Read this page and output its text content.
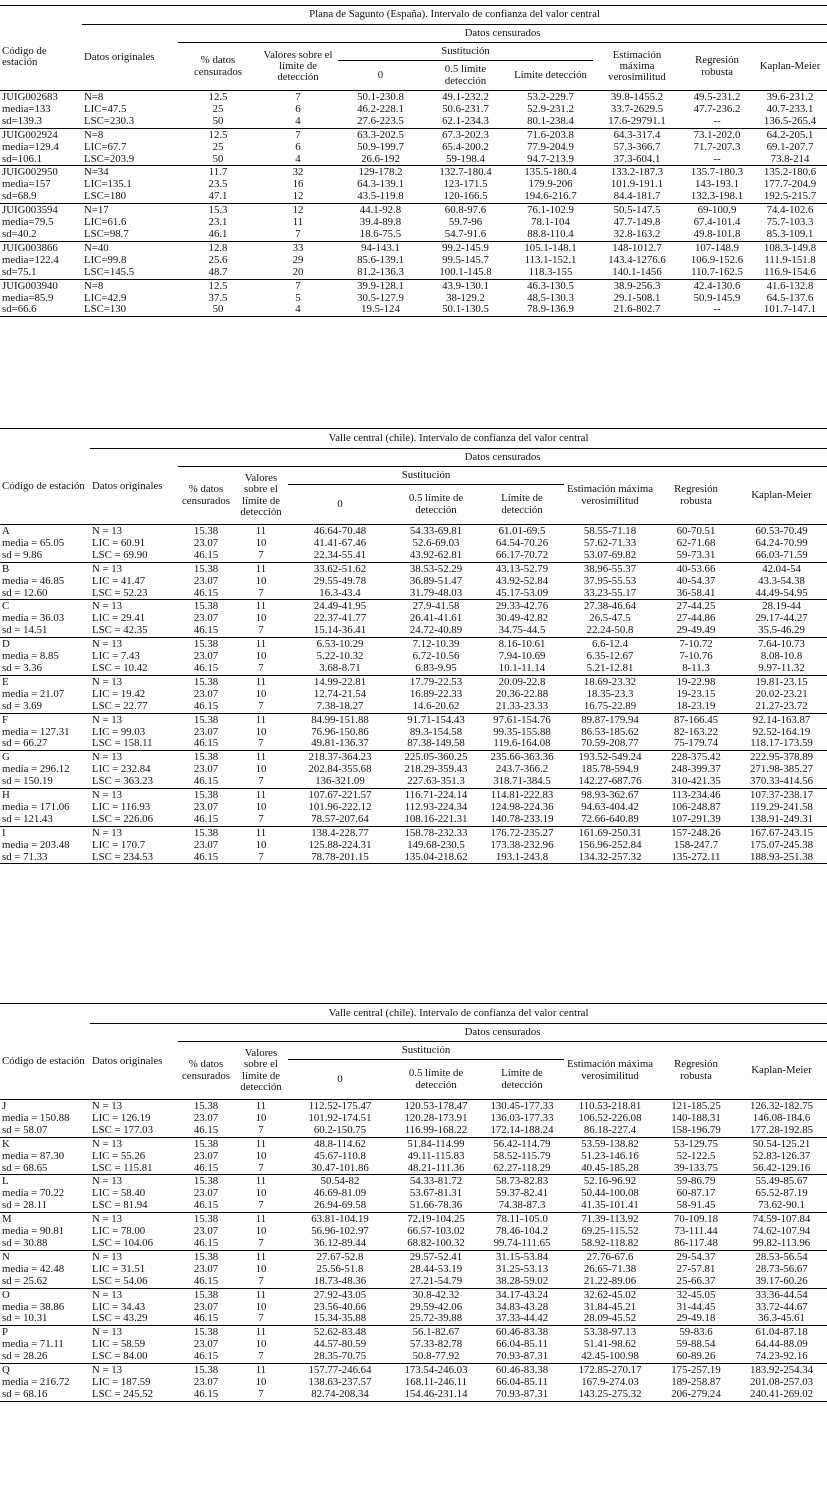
	Plana de Sagunto (España). Intervalo de confianza del valor central								
Código de estación	Datos originales	Datos censurados							
		% datos censurados	Valores sobre el límite de detección	Sustitución			Estimación máxima verosimilitud	Regresión robusta	Kaplan-Meier
				0	0.5 límite detección	Límite detección			
JUIG002683	N=8	12.5	7	50.1-230.8	49.1-232.2	53.2-229.7	39.8-1455.2	49.5-231.2	39.6-231.2
media=133	LIC=47.5	25	6	46.2-228.1	50.6-231.7	52.9-231.2	33.7-2629.5	47.7-236.2	40.7-233.1
sd=139.3	LSC=230.3	50	4	27.6-223.5	62.1-234.3	80.1-238.4	17.6-29791.1	--	136.5-265.4
JUIG002924	N=8	12.5	7	63.3-202.5	67.3-202.3	71.6-203.8	64.3-317.4	73.1-202.0	64.2-205.1
media=129.4	LIC=67.7	25	6	50.9-199.7	65.4-200.2	77.9-204.9	57.3-366.7	71.7-207.3	69.1-207.7
sd=106.1	LSC=203.9	50	4	26.6-192	59-198.4	94.7-213.9	37.3-604.1	--	73.8-214
JUIG002950	N=34	11.7	32	129-178.2	132.7-180.4	135.5-180.4	133.2-187.3	135.7-180.3	135.2-180.6
media=157	LIC=135.1	23.5	16	64.3-139.1	123-171.5	179.9-206	101.9-191.1	143-193.1	177.7-204.9
sd=68.9	LSC=180	47.1	12	43.5-119.8	120-166.5	194.6-216.7	84.4-181.7	132.3-198.1	192.5-215.7
JUIG003594	N=17	15.3	12	44.1-92.8	60.8-97.6	76.1-102.9	50.5-147.5	69-100.9	74.4-102.6
media=79.5	LIC=61.6	23.1	11	39.4-89.8	59.7-96	78.1-104	47.7-149.8	67.4-101.4	75.7-103.3
sd=40.2	LSC=98.7	46.1	7	18.6-75.5	54.7-91.6	88.8-110.4	32.8-163.2	49.8-101.8	85.3-109.1
JUIG003866	N=40	12.8	33	94-143.1	99.2-145.9	105.1-148.1	148-1012.7	107-148.9	108.3-149.8
media=122.4	LIC=99.8	25.6	29	85.6-139.1	99.5-145.7	113.1-152.1	143.4-1276.6	106.9-152.6	111.9-151.8
sd=75.1	LSC=145.5	48.7	20	81.2-136.3	100.1-145.8	118.3-155	140.1-1456	110.7-162.5	116.9-154.6
JUIG003940	N=8	12.5	7	39.9-128.1	43.9-130.1	46.3-130.5	38.9-256.3	42.4-130.6	41.6-132.8
media=85.9	LIC=42.9	37.5	5	30.5-127.9	38-129.2	48.5-130.3	29.1-508.1	50.9-145.9	64.5-137.6
sd=66.6	LSC=130	50	4	19.5-124	50.1-130.5	78.9-136.9	21.6-802.7	--	101.7-147.1
	Valle central (chile). Intervalo de confianza del valor central								
Código de estación	Datos originales	Datos censurados							
		% datos censurados	Valores sobre el límite de detección	Sustitución			Estimación máxima verosimilitud	Regresión robusta	Kaplan-Meier
				0	0.5 límite de detección	Límite de detección			
A	N = 13	15.38	11	46.64-70.48	54.33-69.81	61.01-69.5	58.55-71.18	60-70.51	60.53-70.49
media = 65.05	LIC = 60.91	23.07	10	41.41-67.46	52.6-69.03	64.54-70.26	57.62-71.33	62-71.68	64.24-70.99
sd = 9.86	LSC = 69.90	46.15	7	22.34-55.41	43.92-62.81	66.17-70.72	53.07-69.82	59-73.31	66.03-71.59
B	N = 13	15.38	11	33.62-51.62	38.53-52.29	43.13-52.79	38.96-55.37	40-53.66	42.04-54
media = 46.85	LIC = 41.47	23.07	10	29.55-49.78	36.89-51.47	43.92-52.84	37.95-55.53	40-54.37	43.3-54.38
sd = 12.60	LSC = 52.23	46.15	7	16.3-43.4	31.79-48.03	45.17-53.09	33.23-55.17	36-58.41	44.49-54.95
C	N = 13	15.38	11	24.49-41.95	27.9-41.58	29.33-42.76	27.38-46.64	27-44.25	28.19-44
media = 36.03	LIC = 29.41	23.07	10	22.37-41.77	26.41-41.61	30.49-42.82	26.5-47.5	27-44.86	29.17-44.27
sd = 14.51	LSC = 42.35	46.15	7	15.14-36.41	24.72-40.89	34.75-44.5	22.24-50.8	29-49.49	35.5-46.29
D	N = 13	15.38	11	6.53-10.29	7.12-10.39	8.16-10.61	6.6-12.4	7-10.72	7.64-10.73
media = 8.85	LIC = 7.43	23.07	10	5.22-10.32	6.72-10.56	7.94-10.69	6.35-12.67	7-10.76	8.08-10.8
sd = 3.36	LSC = 10.42	46.15	7	3.68-8.71	6.83-9.95	10.1-11.14	5.21-12.81	8-11.3	9.97-11.32
E	N = 13	15.38	11	14.99-22.81	17.79-22.53	20.09-22.8	18.69-23.32	19-22.98	19.81-23.15
media = 21.07	LIC = 19.42	23.07	10	12.74-21.54	16.89-22.33	20.36-22.88	18.35-23.3	19-23.15	20.02-23.21
sd = 3.69	LSC = 22.77	46.15	7	7.38-18.27	14.6-20.62	21.33-23.33	16.75-22.89	18-23.19	21.27-23.72
F	N = 13	15.38	11	84.99-151.88	91.71-154.43	97.61-154.76	89.87-179.94	87-166.45	92.14-163.87
media = 127.31	LIC = 99.03	23.07	10	76.96-150.86	89.3-154.58	99.35-155.88	86.53-185.62	82-163.22	92.52-164.19
sd = 66.27	LSC = 158.11	46.15	7	49.81-136.37	87.38-149.58	119.6-164.08	70.59-208.77	75-179.74	118.17-173.59
G	N = 13	15.38	11	218.37-364.23	225.05-360.25	235.66-363.36	193.52-549.24	228-375.42	222.95-378.89
media = 296.12	LIC = 232.84	23.07	10	202.84-355.68	218.29-359.43	243.7-366.2	185.78-594.9	248-399.37	271.98-385.27
sd = 150.19	LSC = 363.23	46.15	7	136-321.09	227.63-351.3	318.71-384.5	142.27-687.76	310-421.35	370.33-414.56
H	N = 13	15.38	11	107.67-221.57	116.71-224.14	114.81-222.83	98.93-362.67	113-234.46	107.37-238.17
media = 171.06	LIC = 116.93	23.07	10	101.96-222.12	112.93-224.34	124.98-224.36	94.63-404.42	106-248.87	119.29-241.58
sd = 121.43	LSC = 226.06	46.15	7	78.57-207.64	108.16-221.31	140.78-233.19	72.66-640.89	107-291.39	138.91-249.31
I	N = 13	15.38	11	138.4-228.77	158.78-232.33	176.72-235.27	161.69-250.31	157-248.26	167.67-243.15
media = 203.48	LIC = 170.7	23.07	10	125.88-224.31	149.68-230.5	173.38-232.96	156.96-252.84	158-247.7	175.07-245.38
sd = 71.33	LSC = 234.53	46.15	7	78.78-201.15	135.04-218.62	193.1-243.8	134.32-257.32	135-272.11	188.93-251.38
	Valle central (chile). Intervalo de confianza del valor central								
Código de estación	Datos originales	Datos censurados							
		% datos censurados	Valores sobre el límite de detección	Sustitución			Estimación máxima verosimilitud	Regresión robusta	Kaplan-Meier
				0	0.5 límite de detección	Límite de detección			
J	N = 13	15.38	11	112.52-175.47	120.53-178.47	130.45-177.33	110.53-218.81	121-185.25	126.32-182.75
media = 150.88	LIC = 126.19	23.07	10	101.92-174.51	120.28-173.91	136.03-177.33	106.52-226.08	140-188.31	146.08-184.6
sd = 58.07	LSC = 177.03	46.15	7	60.2-150.75	116.99-168.22	172.14-188.24	86.18-227.4	158-196.79	177.28-192.85
K	N = 13	15.38	11	48.8-114.62	51.84-114.99	56.42-114.79	53.59-138.82	53-129.75	50.54-125.21
media = 87.30	LIC = 55.26	23.07	10	45.67-110.8	49.11-115.83	58.52-115.79	51.23-146.16	52-122.5	52.83-126.37
sd = 68.65	LSC = 115.81	46.15	7	30.47-101.86	48.21-111.36	62.27-118.29	40.45-185.28	39-133.75	56.42-129.16
L	N = 13	15.38	11	50.54-82	54.33-81.72	58.73-82.83	52.16-96.92	59-86.79	55.49-85.67
media = 70.22	LIC = 58.40	23.07	10	46.69-81.09	53.67-81.31	59.37-82.41	50.44-100.08	60-87.17	65.52-87.19
sd = 28.11	LSC = 81.94	46.15	7	26.94-69.58	51.66-78.36	74.38-87.3	41.35-101.41	58-91.45	73.62-90.1
M	N = 13	15.38	11	63.81-104.19	72.19-104.25	78.11-105.0	71.39-113.92	70-109.18	74.59-107.84
media = 90.81	LIC = 78.00	23.07	10	56.96-102.97	66.57-103.02	78.46-104.2	69.25-115.52	73-111.44	74.62-107.94
sd = 30.88	LSC = 104.06	46.15	7	36.12-89.44	68.82-100.32	99.74-111.65	58.92-118.82	86-117.48	99.82-113.96
N	N = 13	15.38	11	27.67-52.8	29.57-52.41	31.15-53.84	27.76-67.6	29-54.37	28.53-56.54
media = 42.48	LIC = 31.51	23.07	10	25.56-51.8	28.44-53.19	31.25-53.13	26.65-71.38	27-57.81	28.73-56.67
sd = 25.62	LSC = 54.06	46.15	7	18.73-48.36	27.21-54.79	38.28-59.02	21.22-89.06	25-66.37	39.17-60.26
O	N = 13	15.38	11	27.92-43.05	30.8-42.32	34.17-43.24	32.62-45.02	32-45.05	33.36-44.54
media = 38.86	LIC = 34.43	23.07	10	23.56-40.66	29.59-42.06	34.83-43.28	31.84-45.21	31-44.45	33.72-44.67
sd = 10.31	LSC = 43.29	46.15	7	15.34-35.88	25.72-39.88	37.33-44.42	28.09-45.52	29-49.18	36.3-45.61
P	N = 13	15.38	11	52.62-83.48	56.1-82.67	60.46-83.38	53.38-97.13	59-83.6	61.04-87.18
media = 71.11	LIC = 58.59	23.07	10	44.57-80.59	57.33-82.78	66.04-85.11	51.41-98.62	59-88.54	64.44-88.09
sd = 28.26	LSC = 84.00	46.15	7	28.35-70.75	50.8-77.92	70.93-87.31	42.45-100.98	60-89.26	74.23-92.16
Q	N = 13	15.38	11	157.77-246.64	173.54-246.03	60.46-83.38	172.85-270.17	175-257.19	183.92-254.34
media = 216.72	LIC = 187.59	23.07	10	138.63-237.57	168.11-246.11	66.04-85.11	167.9-274.03	189-258.87	201.08-257.03
sd = 68.16	LSC = 245.52	46.15	7	82.74-208.34	154.46-231.14	70.93-87.31	143.25-275.32	206-279.24	240.41-269.02
